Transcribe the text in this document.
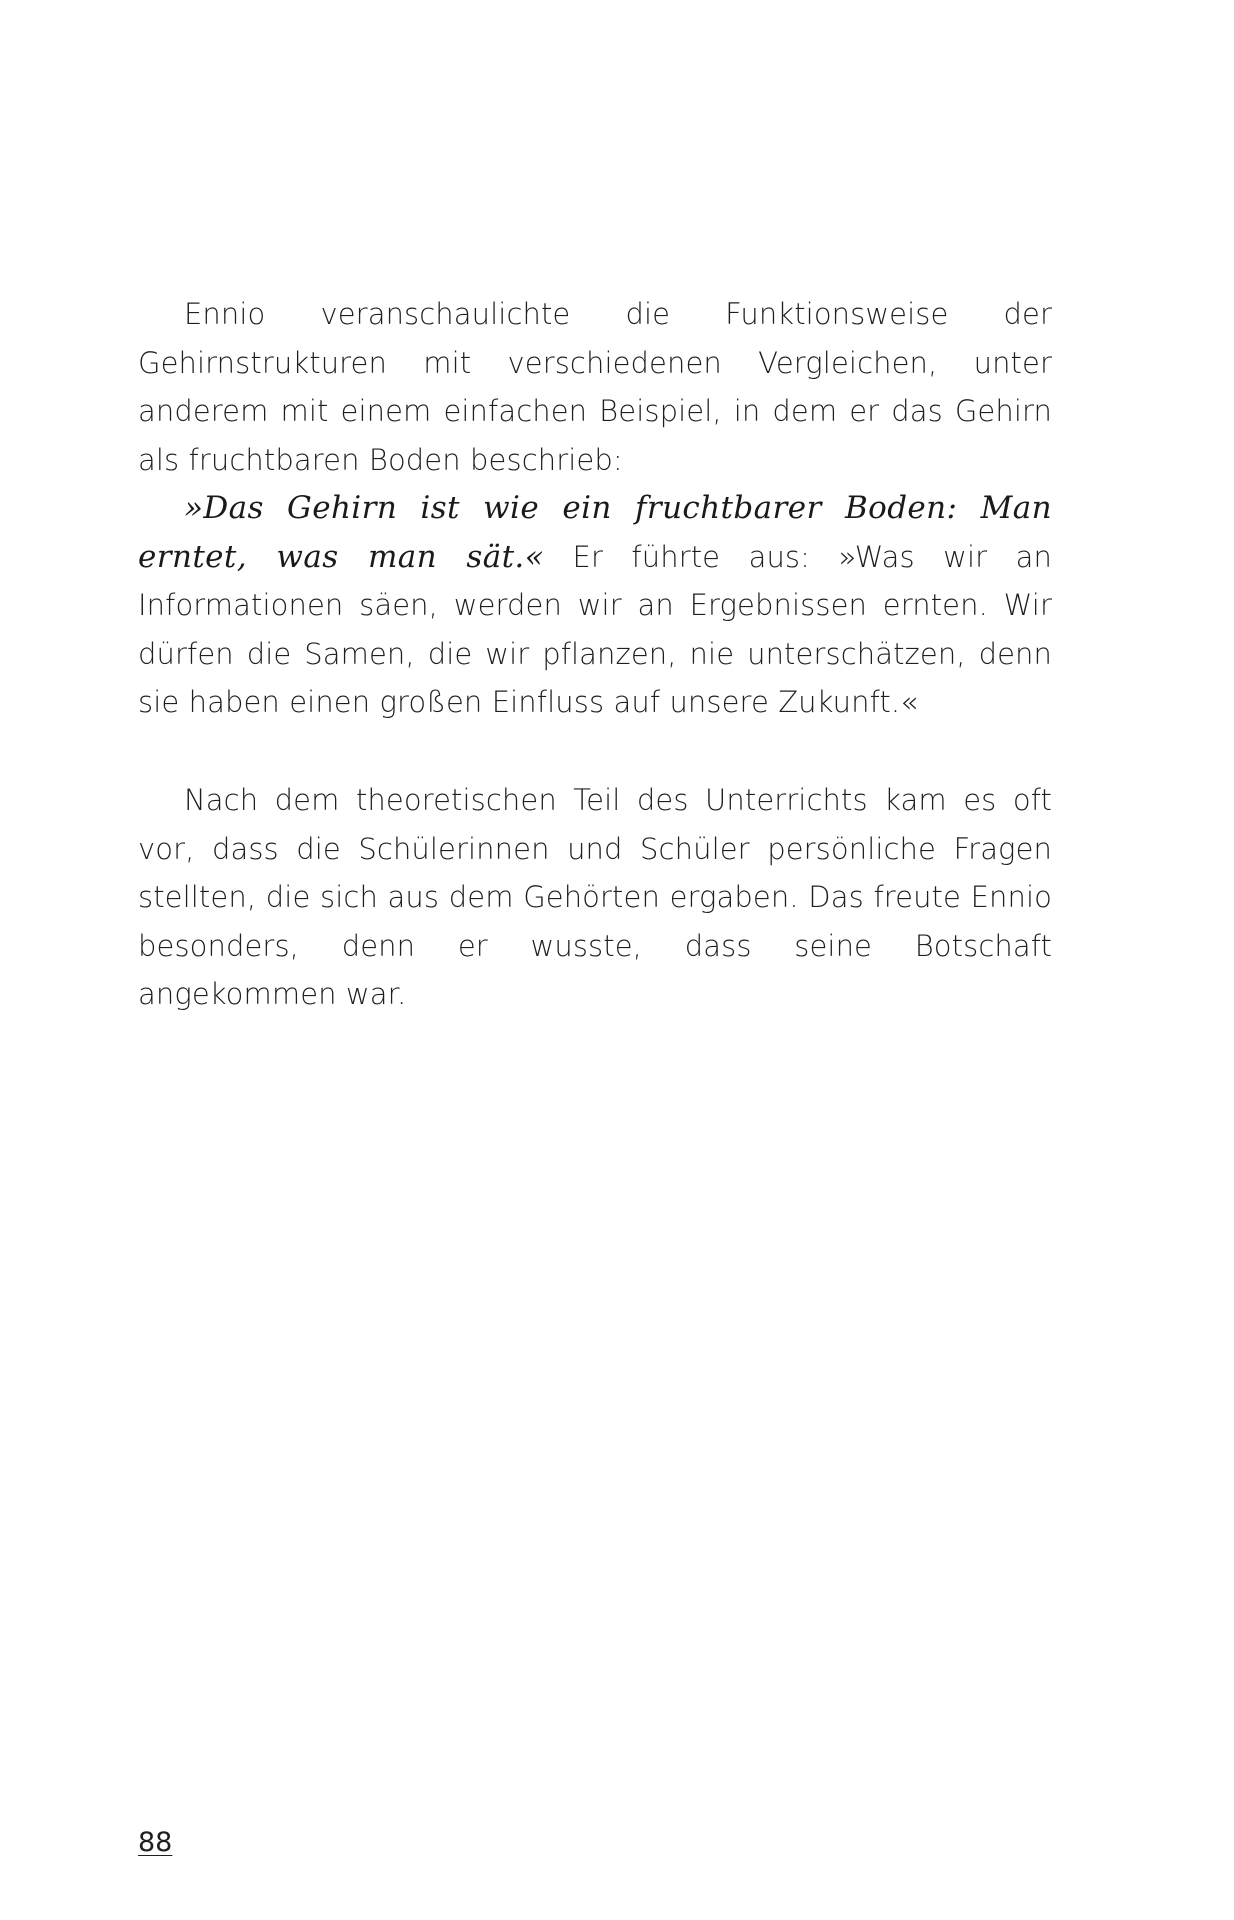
Ennio veranschaulichte die Funktionsweise der Gehirnstrukturen mit verschiedenen Vergleichen, unter anderem mit einem einfachen Beispiel, in dem er das Gehirn als fruchtbaren Boden beschrieb:

»Das Gehirn ist wie ein fruchtbarer Boden: Man erntet, was man sät.« Er führte aus: »Was wir an Informationen säen, werden wir an Ergebnissen ernten. Wir dürfen die Samen, die wir pflanzen, nie unterschätzen, denn sie haben einen großen Einfluss auf unsere Zukunft.«

Nach dem theoretischen Teil des Unterrichts kam es oft vor, dass die Schülerinnen und Schüler persönliche Fragen stellten, die sich aus dem Gehörten ergaben. Das freute Ennio besonders, denn er wusste, dass seine Botschaft angekommen war.

88
